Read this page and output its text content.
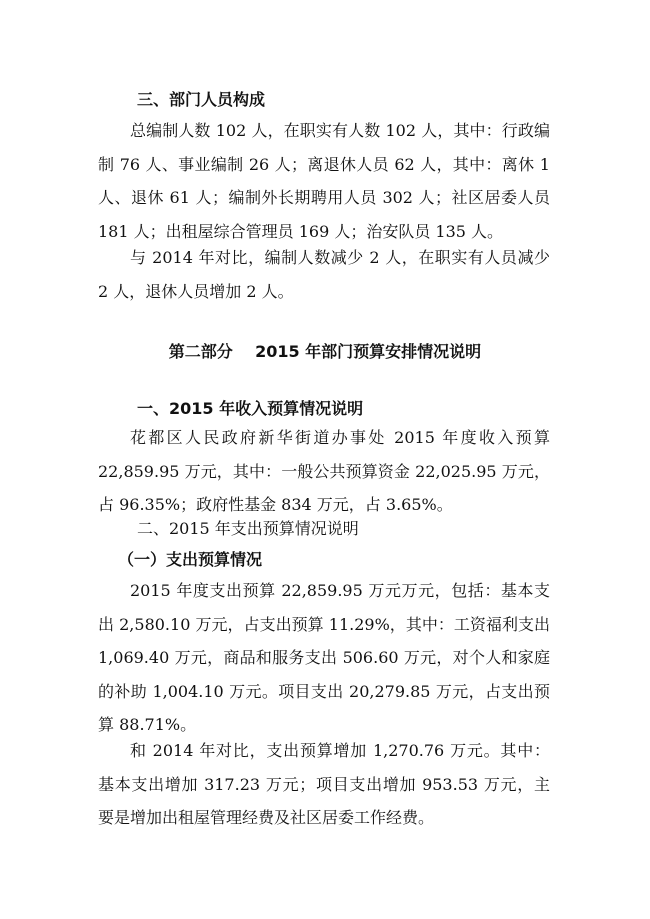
三、部门人员构成
总编制人数 102 人，在职实有人数 102 人，其中：行政编制 76 人、事业编制 26 人；离退休人员 62 人，其中：离休 1 人、退休 61 人；编制外长期聘用人员 302 人；社区居委人员 181 人；出租屋综合管理员 169 人；治安队员 135 人。
与 2014 年对比，编制人数减少 2 人，在职实有人员减少 2 人，退休人员增加 2 人。
第二部分    2015 年部门预算安排情况说明
一、2015 年收入预算情况说明
花都区人民政府新华街道办事处 2015 年度收入预算 22,859.95 万元，其中：一般公共预算资金 22,025.95 万元，占 96.35%；政府性基金 834 万元，占 3.65%。
二、2015 年支出预算情况说明
（一）支出预算情况
2015 年度支出预算 22,859.95 万元万元，包括：基本支出 2,580.10 万元，占支出预算 11.29%，其中：工资福利支出 1,069.40 万元，商品和服务支出 506.60 万元，对个人和家庭的补助 1,004.10 万元。项目支出 20,279.85 万元，占支出预算 88.71%。
和 2014 年对比，支出预算增加 1,270.76 万元。其中：基本支出增加 317.23 万元；项目支出增加 953.53 万元，主要是增加出租屋管理经费及社区居委工作经费。
